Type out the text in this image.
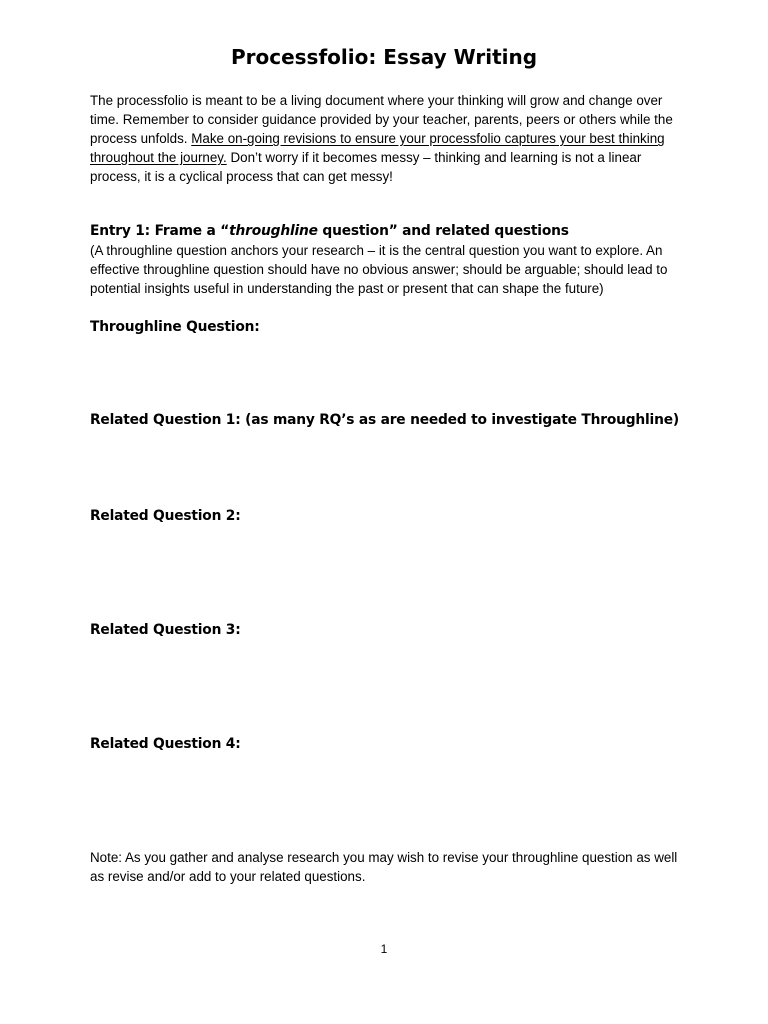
Processfolio: Essay Writing
The processfolio is meant to be a living document where your thinking will grow and change over time. Remember to consider guidance provided by your teacher, parents, peers or others while the process unfolds. Make on-going revisions to ensure your processfolio captures your best thinking throughout the journey. Don’t worry if it becomes messy – thinking and learning is not a linear process, it is a cyclical process that can get messy!
Entry 1: Frame a “throughline question” and related questions
(A throughline question anchors your research – it is the central question you want to explore. An effective throughline question should have no obvious answer; should be arguable; should lead to potential insights useful in understanding the past or present that can shape the future)
Throughline Question:
Related Question 1: (as many RQ’s as are needed to investigate Throughline)
Related Question 2:
Related Question 3:
Related Question 4:
Note: As you gather and analyse research you may wish to revise your throughline question as well as revise and/or add to your related questions.
1
